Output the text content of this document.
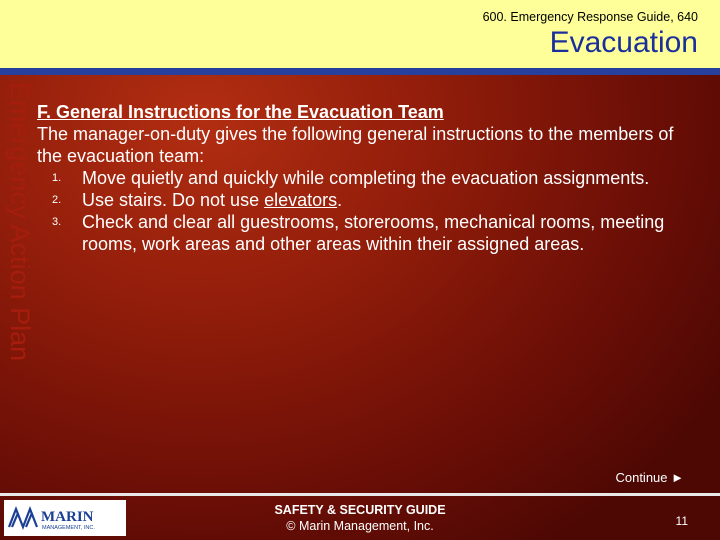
600. Emergency Response Guide, 640
Evacuation
Emergency Action Plan F. General Instructions for the Evacuation Team

The manager-on-duty gives the following general instructions to the members of the evacuation team:

1. Move quietly and quickly while completing the evacuation assignments.
2. Use stairs. Do not use elevators.
3. Check and clear all guestrooms, storerooms, mechanical rooms, meeting rooms, work areas and other areas within their assigned areas.
Continue ►
MARIN
MANAGEMENT, INC.
SAFETY & SECURITY GUIDE
© Marin Management, Inc.	11
